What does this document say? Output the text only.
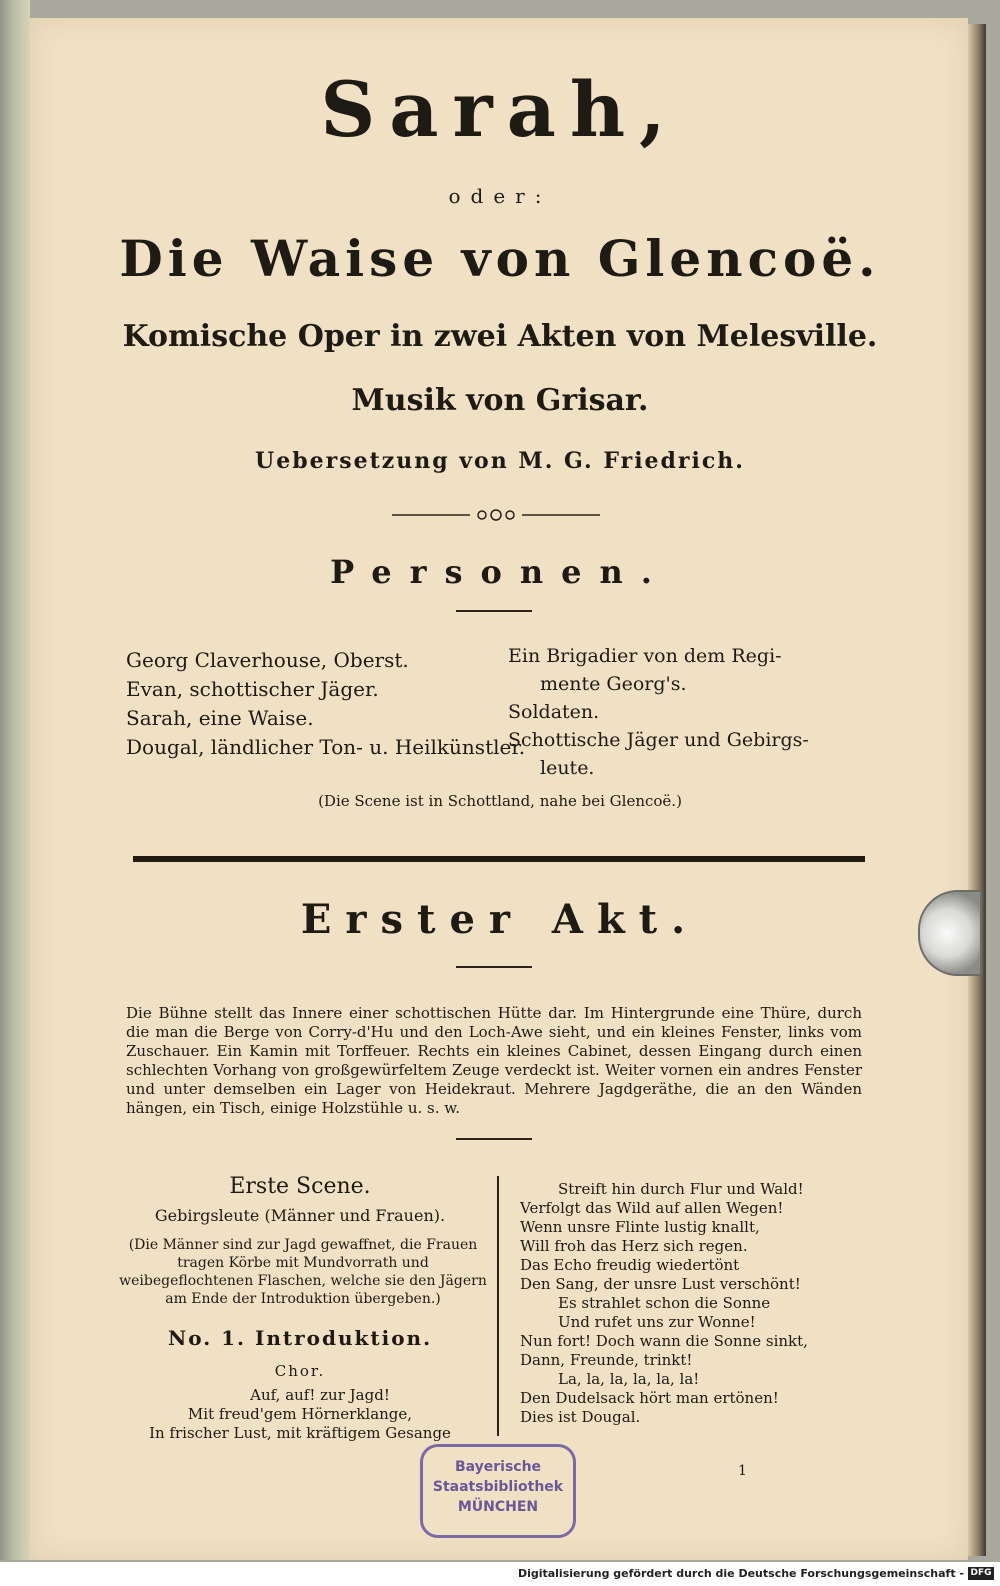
Sarah,
oder:
Die Waise von Glencoë.
Komische Oper in zwei Akten von Melesville.
Musik von Grisar.
Uebersetzung von M. G. Friedrich.
Personen.
Georg Claverhouse, Oberst.
Evan, schottischer Jäger.
Sarah, eine Waise.
Dougal, ländlicher Ton- u. Heilkünstler.
Ein Brigadier von dem Regi-
mente Georg's.
Soldaten.
Schottische Jäger und Gebirgs-
leute.
(Die Scene ist in Schottland, nahe bei Glencoë.)
Erster Akt.
Die Bühne stellt das Innere einer schottischen Hütte dar. Im Hintergrunde eine Thüre, durch die man die Berge von Corry-d'Hu und den Loch-Awe sieht, und ein kleines Fenster, links vom Zuschauer. Ein Kamin mit Torffeuer. Rechts ein kleines Cabinet, dessen Eingang durch einen schlechten Vorhang von großgewürfeltem Zeuge verdeckt ist. Weiter vornen ein andres Fenster und unter demselben ein Lager von Heidekraut. Mehrere Jagdgeräthe, die an den Wänden hängen, ein Tisch, einige Holzstühle u. s. w.
Erste Scene.
Gebirgsleute (Männer und Frauen).
(Die Männer sind zur Jagd gewaffnet, die Frauen tragen Körbe mit Mundvorrath und weibegeflochtenen Flaschen, welche sie den Jägern am Ende der Introduktion übergeben.)
No. 1. Introduktion.
Chor.
Auf, auf! zur Jagd!
Mit freud'gem Hörnerklange,
In frischer Lust, mit kräftigem Gesange

Streift hin durch Flur und Wald!

Verfolgt das Wild auf allen Wegen!

Wenn unsre Flinte lustig knallt,

Will froh das Herz sich regen.

Das Echo freudig wiedertönt

Den Sang, der unsre Lust verschönt!

Es strahlet schon die Sonne

Und rufet uns zur Wonne!

Nun fort! Doch wann die Sonne sinkt,

Dann, Freunde, trinkt!

La, la, la, la, la, la!

Den Dudelsack hört man ertönen!

Dies ist Dougal.

1
Bayerische
Staatsbibliothek
MÜNCHEN
Digitalisierung gefördert durch die Deutsche Forschungsgemeinschaft - DFG
